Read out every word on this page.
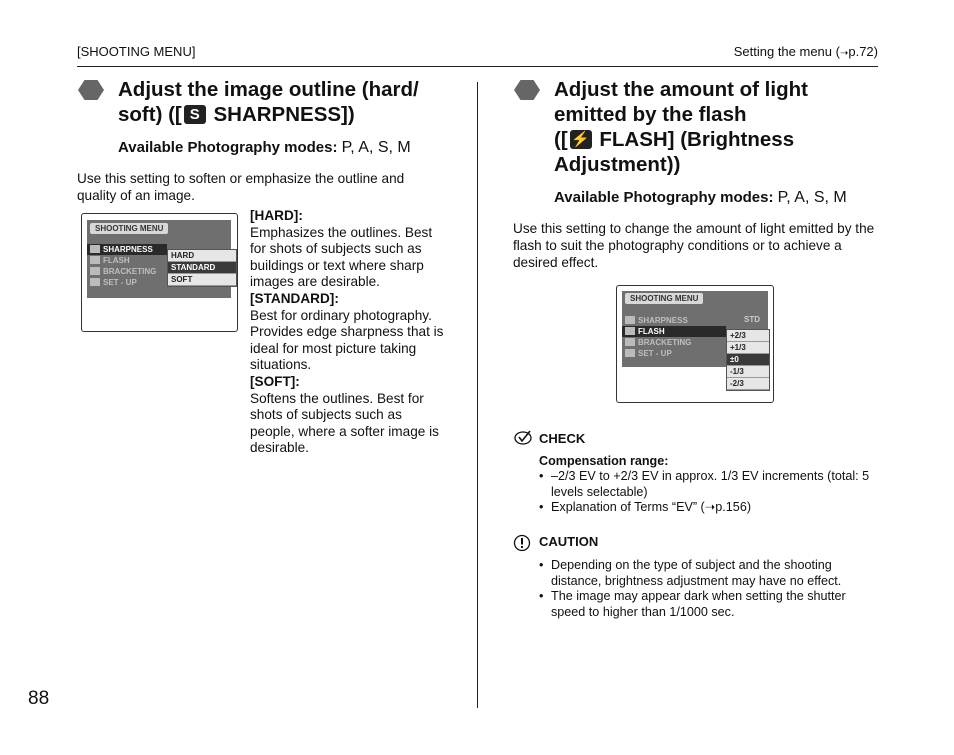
[SHOOTING MENU]	Setting the menu (➝p.72)
Adjust the image outline (hard/
soft) ([ S SHARPNESS])
Available Photography modes: P, A, S, M
Use this setting to soften or emphasize the outline and quality of an image.
SHOOTING MENU
SHARPNESS
FLASH
BRACKETING
SET - UP
HARD
STANDARD
SOFT
[HARD]:
Emphasizes the outlines. Best for shots of subjects such as buildings or text where sharp images are desirable.
[STANDARD]:
Best for ordinary photography. Provides edge sharpness that is ideal for most picture taking situations.
[SOFT]:
Softens the outlines. Best for shots of subjects such as people, where a softer image is desirable.
Adjust the amount of light
emitted by the flash
([ ⚡ FLASH] (Brightness
Adjustment))
Available Photography modes: P, A, S, M
Use this setting to change the amount of light emitted by the flash to suit the photography conditions or to achieve a desired effect.
SHOOTING MENU
STD
SHARPNESS
FLASH
BRACKETING
SET - UP
+2/3
+1/3
±0
-1/3
-2/3
CHECK
Compensation range:
• –2/3 EV to +2/3 EV in approx. 1/3 EV increments (total: 5 levels selectable)
• Explanation of Terms “EV” (➝p.156)
CAUTION
• Depending on the type of subject and the shooting distance, brightness adjustment may have no effect.
• The image may appear dark when setting the shutter speed to higher than 1/1000 sec.
88
